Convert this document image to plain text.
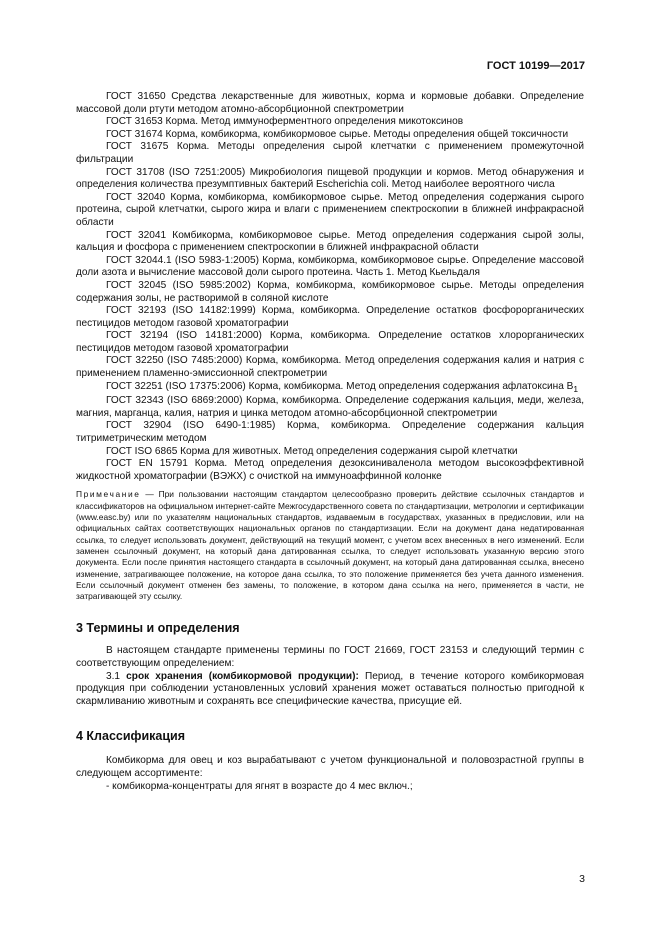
ГОСТ 10199—2017

ГОСТ 31650 Средства лекарственные для животных, корма и кормовые добавки. Определение массовой доли ртути методом атомно-абсорбционной спектрометрии

ГОСТ 31653 Корма. Метод иммуноферментного определения микотоксинов

ГОСТ 31674 Корма, комбикорма, комбикормовое сырье. Методы определения общей токсичности

ГОСТ 31675 Корма. Методы определения сырой клетчатки с применением промежуточной фильтрации

ГОСТ 31708 (ISO 7251:2005) Микробиология пищевой продукции и кормов. Метод обнаружения и определения количества презумптивных бактерий Escherichia coli. Метод наиболее вероятного числа

ГОСТ 32040 Корма, комбикорма, комбикормовое сырье. Метод определения содержания сырого протеина, сырой клетчатки, сырого жира и влаги с применением спектроскопии в ближней инфракрасной области

ГОСТ 32041 Комбикорма, комбикормовое сырье. Метод определения содержания сырой золы, кальция и фосфора с применением спектроскопии в ближней инфракрасной области

ГОСТ 32044.1 (ISO 5983-1:2005) Корма, комбикорма, комбикормовое сырье. Определение массовой доли азота и вычисление массовой доли сырого протеина. Часть 1. Метод Кьельдаля

ГОСТ 32045 (ISO 5985:2002) Корма, комбикорма, комбикормовое сырье. Методы определения содержания золы, не растворимой в соляной кислоте

ГОСТ 32193 (ISO 14182:1999) Корма, комбикорма. Определение остатков фосфорорганических пестицидов методом газовой хроматографии

ГОСТ 32194 (ISO 14181:2000) Корма, комбикорма. Определение остатков хлорорганических пестицидов методом газовой хроматографии

ГОСТ 32250 (ISO 7485:2000) Корма, комбикорма. Метод определения содержания калия и натрия с применением пламенно-эмиссионной спектрометрии

ГОСТ 32251 (ISO 17375:2006) Корма, комбикорма. Метод определения содержания афлатоксина $B_1$

ГОСТ 32343 (ISO 6869:2000) Корма, комбикорма. Определение содержания кальция, меди, железа, магния, марганца, калия, натрия и цинка методом атомно-абсорбционной спектрометрии

ГОСТ 32904 (ISO 6490-1:1985) Корма, комбикорма. Определение содержания кальция титриметрическим методом

ГОСТ ISO 6865 Корма для животных. Метод определения содержания сырой клетчатки

ГОСТ EN 15791 Корма. Метод определения дезоксиниваленола методом высокоэффективной жидкостной хроматографии (ВЭЖХ) с очисткой на иммуноаффинной колонке

Примечание — При пользовании настоящим стандартом целесообразно проверить действие ссылочных стандартов и классификаторов на официальном интернет-сайте Межгосударственного совета по стандартизации, метрологии и сертификации (www.easc.by) или по указателям национальных стандартов, издаваемым в государствах, указанных в предисловии, или на официальных сайтах соответствующих национальных органов по стандартизации. Если на документ дана недатированная ссылка, то следует использовать документ, действующий на текущий момент, с учетом всех внесенных в него изменений. Если заменен ссылочный документ, на который дана датированная ссылка, то следует использовать указанную версию этого документа. Если после принятия настоящего стандарта в ссылочный документ, на который дана датированная ссылка, внесено изменение, затрагивающее положение, на которое дана ссылка, то это положение применяется без учета данного изменения. Если ссылочный документ отменен без замены, то положение, в котором дана ссылка на него, применяется в части, не затрагивающей эту ссылку.

3 Термины и определения

В настоящем стандарте применены термины по ГОСТ 21669, ГОСТ 23153 и следующий термин с соответствующим определением:

3.1 срок хранения (комбикормовой продукции): Период, в течение которого комбикормовая продукция при соблюдении установленных условий хранения может оставаться полностью пригодной к скармливанию животным и сохранять все специфические качества, присущие ей.

4 Классификация

Комбикорма для овец и коз вырабатывают с учетом функциональной и половозрастной группы в следующем ассортименте:

- комбикорма-концентраты для ягнят в возрасте до 4 мес включ.;

3
